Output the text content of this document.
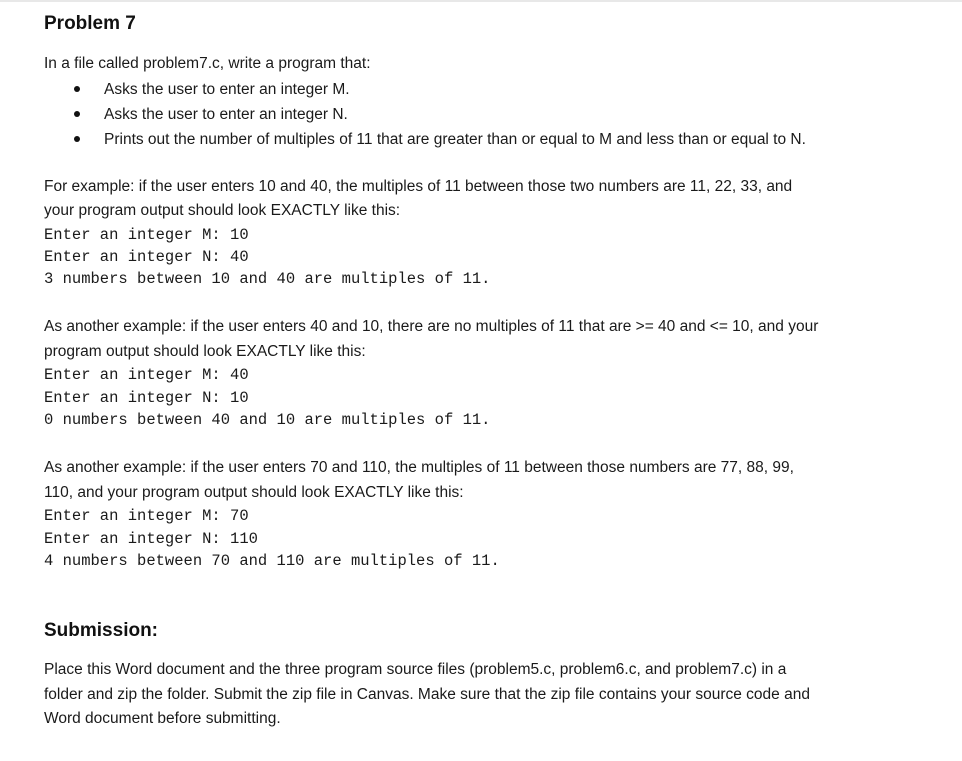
Problem 7

In a file called problem7.c, write a program that:

Asks the user to enter an integer M.
Asks the user to enter an integer N.
Prints out the number of multiples of 11 that are greater than or equal to M and less than or equal to N.

For example: if the user enters 10 and 40, the multiples of 11 between those two numbers are 11, 22, 33, and

your program output should look EXACTLY like this:

Enter an integer M: 10
Enter an integer N: 40
3 numbers between 10 and 40 are multiples of 11.

As another example: if the user enters 40 and 10, there are no multiples of 11 that are >= 40 and <= 10, and your

program output should look EXACTLY like this:

Enter an integer M: 40
Enter an integer N: 10
0 numbers between 40 and 10 are multiples of 11.

As another example: if the user enters 70 and 110, the multiples of 11 between those numbers are 77, 88, 99,

110, and your program output should look EXACTLY like this:

Enter an integer M: 70
Enter an integer N: 110
4 numbers between 70 and 110 are multiples of 11.
Submission:

Place this Word document and the three program source files (problem5.c, problem6.c, and problem7.c) in a

folder and zip the folder. Submit the zip file in Canvas. Make sure that the zip file contains your source code and

Word document before submitting.
